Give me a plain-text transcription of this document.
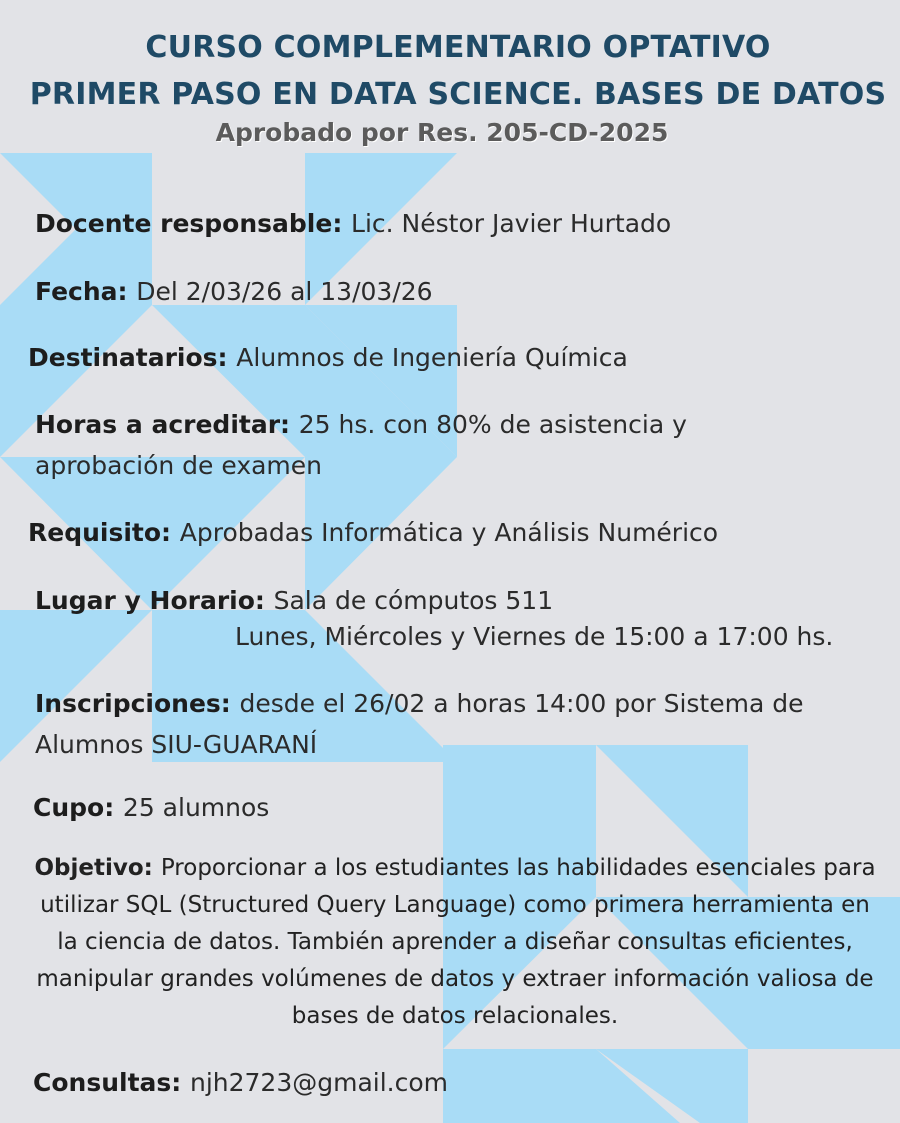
CURSO COMPLEMENTARIO OPTATIVO
PRIMER PASO EN DATA SCIENCE. BASES DE DATOS
Aprobado por Res. 205-CD-2025
Docente responsable: Lic. Néstor Javier Hurtado
Fecha: Del 2/03/26 al 13/03/26
Destinatarios: Alumnos de Ingeniería Química
Horas a acreditar: 25 hs. con 80% de asistencia y
aprobación de examen
Requisito: Aprobadas Informática y Análisis Numérico
Lugar y Horario: Sala de cómputos 511
Lunes, Miércoles y Viernes de 15:00 a 17:00 hs.
Inscripciones: desde el 26/02 a horas 14:00 por Sistema de
Alumnos SIU-GUARANÍ
Cupo: 25 alumnos
Objetivo: Proporcionar a los estudiantes las habilidades esenciales para utilizar SQL (Structured Query Language) como primera herramienta en la ciencia de datos. También aprender a diseñar consultas eficientes, manipular grandes volúmenes de datos y extraer información valiosa de bases de datos relacionales.
Consultas: njh2723@gmail.com
